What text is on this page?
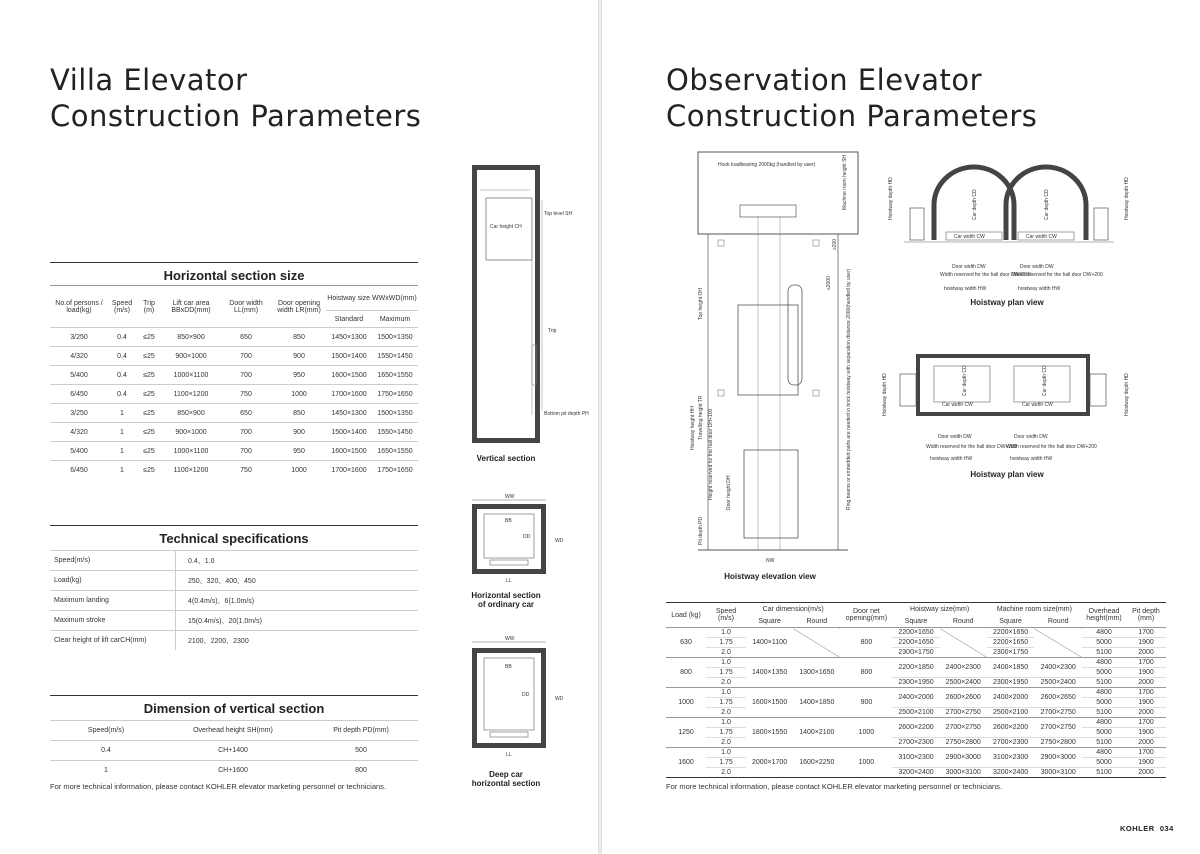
Villa Elevator
Construction Parameters
Horizontal section size
No.of persons / load(kg)	Speed (m/s)	Trip (m)	Lift car area BBxDD(mm)	Door width LL(mm)	Door opening width LR(mm)	Hoistway size WWxWD(mm)	
						Standard	Maximum
3/250	0.4	≤25	850×900	650	850	1450×1300	1500×1350
4/320	0.4	≤25	900×1000	700	900	1500×1400	1550×1450
5/400	0.4	≤25	1000×1100	700	950	1600×1500	1650×1550
6/450	0.4	≤25	1100×1200	750	1000	1700×1600	1750×1650
3/250	1	≤25	850×900	650	850	1450×1300	1500×1350
4/320	1	≤25	900×1000	700	900	1500×1400	1550×1450
5/400	1	≤25	1000×1100	700	950	1600×1500	1650×1550
6/450	1	≤25	1100×1200	750	1000	1700×1600	1750×1650
Technical specifications
Speed(m/s)	0.4、1.0
Load(kg)	250、320、400、450
Maximum landing	4(0.4m/s)、6(1.0m/s)
Maximum stroke	15(0.4m/s)、20(1.0m/s)
Clear height of lift carCH(mm)	2100、2200、2300
Dimension of vertical section
Speed(m/s)	Overhead height SH(mm)	Pit depth PD(mm)
0.4	CH+1400	500
1	CH+1600	800
For more technical information, please contact KOHLER elevator marketing personnel or technicians.
Top level SH
Car height CH
Trip
Bottom pit depth PH
Vertical section
WW
BB
DD
WD
LL
Horizontal section
of ordinary car
WW
BB
DD
WD
LL
Deep car
horizontal section
Observation Elevator
Construction Parameters
Hook loadbearing 2000kg (handled by user)	Machine room height SH
Top height OH
Hoistway height HH Travelling height TR Height reserved for the hall door DH+100 Door height DH
Pit depth PD
Ring beams or embedded parts are needed in brick hoistway with separation distance 2000(handled by user)
≥200
≤2000
NW
Hoistway elevation view
Hoistway depth HD
Car width CW	Car width CW
Car depth CD	Car depth CD
Door width DW	Door width DW
Width reserved for the hall door DW+200
Width reserved for the hall door DW+200
hoistway width HW	hoistway width HW
Hoistway depth HD
Hoistway plan view
Hoistway depth HD	Car width CW	Car width CW
Car depth CD	Car depth CD
Door width DW	Door width DW
Width reserved for the hall door DW+200
Width reserved for the hall door DW+200
hoistway width HW	hoistway width HW
Hoistway depth HD
Hoistway plan view
Load (kg)	Speed (m/s)	Car dimension(m/s)		Door net opening(mm)	Hoistway size(mm)		Machine room size(mm)		Overhead height(mm)	Pit depth (mm)
		Square	Round		Square	Round	Square	Round		
630	1.0	1400×1100		800	2200×1650		2200×1650		4800	1700
	1.75				2200×1650		2200×1650		5000	1900
	2.0				2300×1750		2300×1750		5100	2000
800	1.0	1400×1350	1300×1650	800	2200×1850	2400×2300	2400×1850	2400×2300	4800	1700
	1.75								5000	1900
	2.0				2300×1950	2500×2400	2300×1950	2500×2400	5100	2000
1000	1.0	1600×1500	1400×1850	900	2400×2000	2600×2600	2400×2000	2600×2650	4800	1700
	1.75								5000	1900
	2.0				2500×2100	2700×2750	2500×2100	2700×2750	5100	2000
1250	1.0	1800×1550	1400×2100	1000	2600×2200	2700×2750	2600×2200	2700×2750	4800	1700
	1.75								5000	1900
	2.0				2700×2300	2750×2800	2700×2300	2750×2800	5100	2000
1600	1.0	2000×1700	1600×2250	1000	3100×2300	2900×3000	3100×2300	2900×3000	4800	1700
	1.75								5000	1900
	2.0				3200×2400	3000×3100	3200×2400	3000×3100	5100	2000
For more technical information, please contact KOHLER elevator marketing personnel or technicians.
KOHLER 034
